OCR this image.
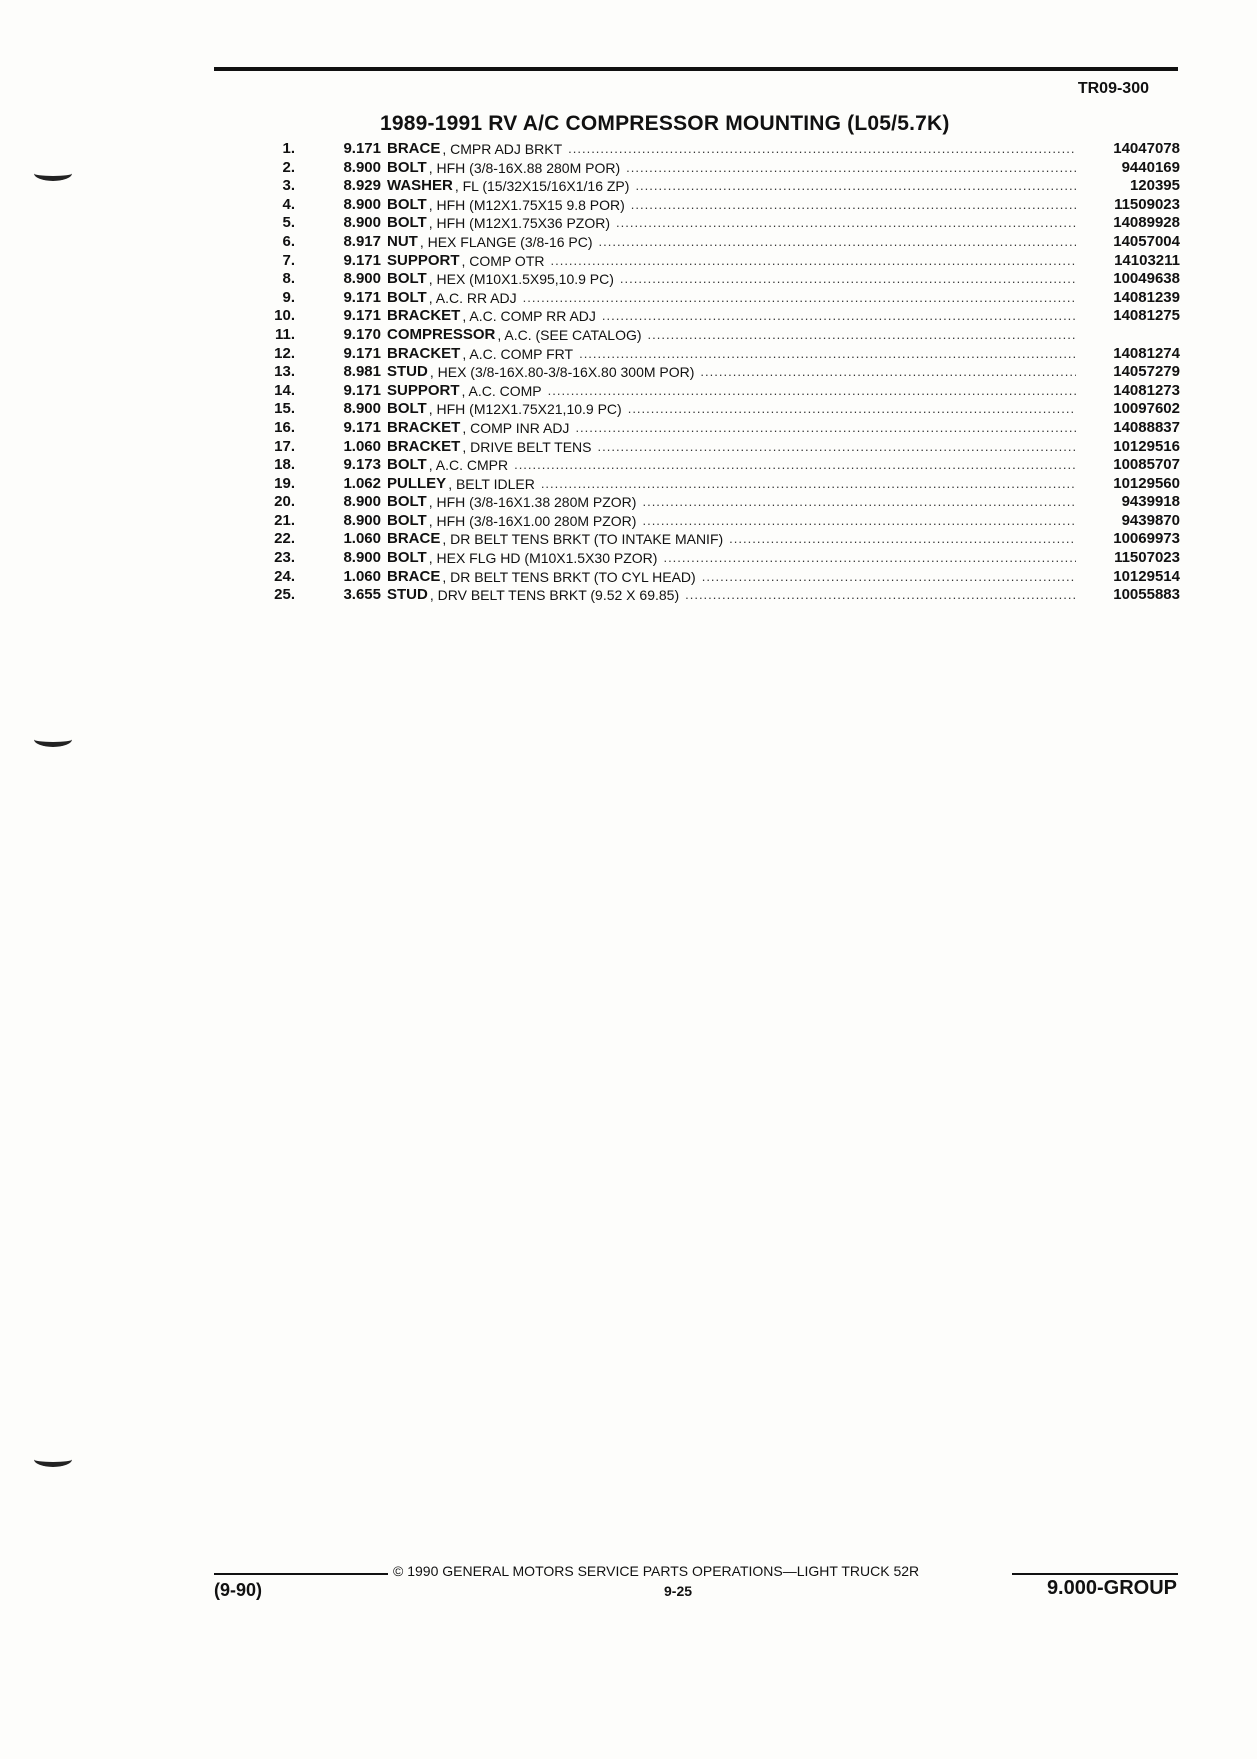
TR09-300
1989-1991 RV A/C COMPRESSOR MOUNTING (L05/5.7K)
1.	9.171 BRACE , CMPR ADJ BRKT .....	14047078
2.	8.900 BOLT , HFH (3/8-16X.88 280M POR) .....	9440169
3.	8.929 WASHER , FL (15/32X15/16X1/16 ZP) .....	120395
4.	8.900 BOLT , HFH (M12X1.75X15 9.8 POR) .....	11509023
5.	8.900 BOLT , HFH (M12X1.75X36 PZOR) .....	14089928
6.	8.917 NUT , HEX FLANGE (3/8-16 PC) .....	14057004
7.	9.171 SUPPORT , COMP OTR .....	14103211
8.	8.900 BOLT , HEX (M10X1.5X95,10.9 PC) .....	10049638
9.	9.171 BOLT , A.C. RR ADJ .....	14081239
10.	9.171 BRACKET , A.C. COMP RR ADJ .....	14081275
11.	9.170 COMPRESSOR , A.C. (SEE CATALOG)
.....
12.	9.171 BRACKET , A.C. COMP FRT .....	14081274
13.	8.981 STUD , HEX (3/8-16X.80-3/8-16X.80 300M POR) .....	14057279
14.	9.171 SUPPORT , A.C. COMP .....	14081273
15.	8.900 BOLT , HFH (M12X1.75X21,10.9 PC) .....	10097602
16.	9.171 BRACKET , COMP INR ADJ .....	14088837
17.	1.060 BRACKET , DRIVE BELT TENS .....	10129516
18.	9.173 BOLT , A.C. CMPR .....	10085707
19.	1.062 PULLEY , BELT IDLER .....	10129560
20.	8.900 BOLT , HFH (3/8-16X1.38 280M PZOR) .....	9439918
21.	8.900 BOLT , HFH (3/8-16X1.00 280M PZOR) .....	9439870
22.	1.060 BRACE , DR BELT TENS BRKT (TO INTAKE MANIF) .....	10069973
23.	8.900 BOLT , HEX FLG HD (M10X1.5X30 PZOR) .....	11507023
24.	1.060 BRACE , DR BELT TENS BRKT (TO CYL HEAD) .....	10129514
25.	3.655 STUD , DRV BELT TENS BRKT (9.52 X 69.85) .....	10055883
© 1990 GENERAL MOTORS SERVICE PARTS OPERATIONS—LIGHT TRUCK 52R
(9-90)	9-25	9.000-GROUP
